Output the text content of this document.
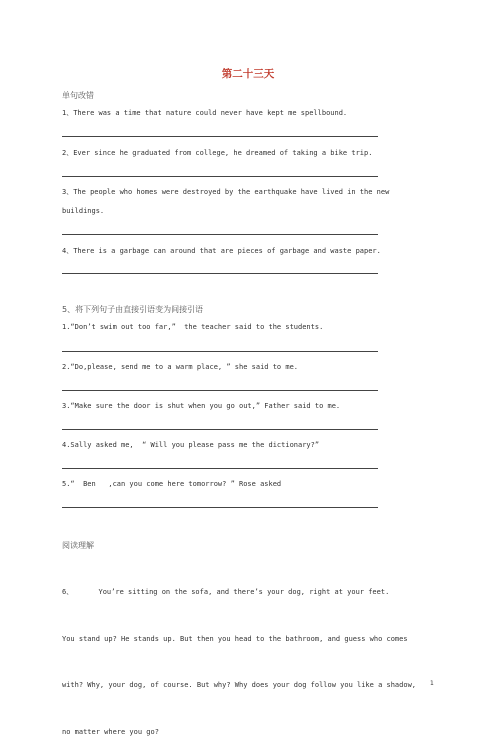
第二十三天
单句改错
1、There was a time that nature could never have kept me spellbound.
2、Ever since he graduated from college, he dreamed of taking a bike trip.
3、The people who homes were destroyed by the earthquake have lived in the new
buildings.
4、There is a garbage can around that are pieces of garbage and waste paper.
5、将下列句子由直接引语变为间接引语
1.“Don’t swim out too far,”  the teacher said to the students.
2.“Do,please, send me to a warm place, ” she said to me.
3.“Make sure the door is shut when you go out,” Father said to me.
4.Sally asked me,  “ Will you please pass me the dictionary?”
5.“  Ben   ,can you come here tomorrow? ” Rose asked
阅读理解

6、      You’re sitting on the sofa, and there’s your dog, right at your feet.

You stand up? He stands up. But then you head to the bathroom, and guess who comes

with? Why, your dog, of course. But why? Why does your dog follow you like a shadow,

no matter where you go?

1
